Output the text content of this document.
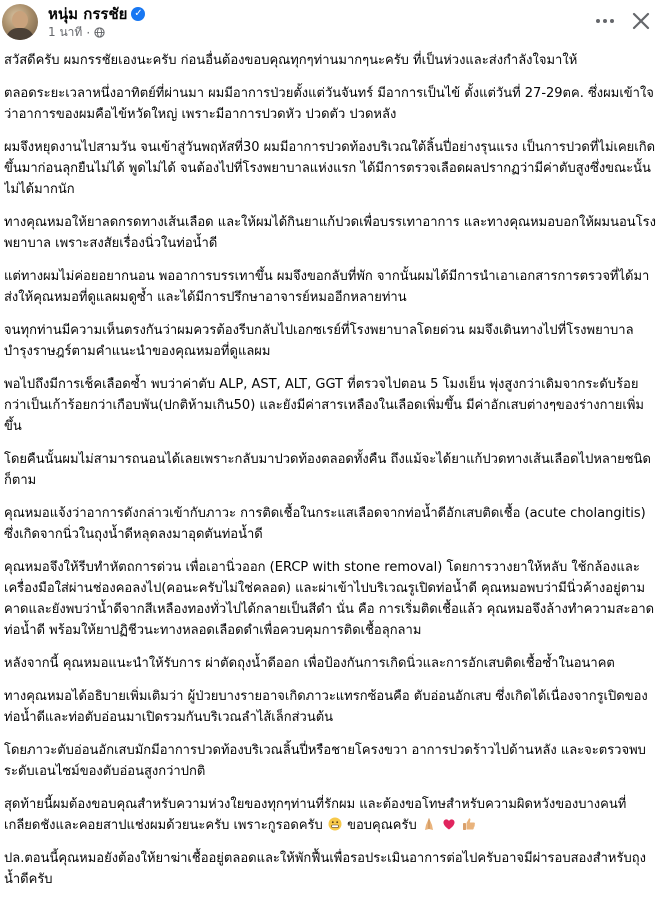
หนุ่ม กรรชัย ✓
1 นาที ·

สวัสดีครับ ผมกรรชัยเองนะครับ ก่อนอื่นต้องขอบคุณทุกๆท่านมากๆนะครับ ที่เป็นห่วงและส่งกำลังใจมาให้

ตลอดระยะเวลาหนึ่งอาทิตย์ที่ผ่านมา ผมมีอาการป่วยตั้งแต่วันจันทร์ มีอาการเป็นไข้ ตั้งแต่วันที่ 27-29ตค. ซึ่งผมเข้าใจว่าอาการของผมคือไข้หวัดใหญ่ เพราะมีอาการปวดหัว ปวดตัว ปวดหลัง

ผมจึงหยุดงานไปสามวัน จนเข้าสู่วันพฤหัสที่30 ผมมีอาการปวดท้องบริเวณใต้ลิ้นปี่อย่างรุนแรง เป็นการปวดที่ไม่เคยเกิดขึ้นมาก่อนลุกยืนไม่ได้ พูดไม่ได้ จนต้องไปที่โรงพยาบาลแห่งแรก ได้มีการตรวจเลือดผลปรากฏว่ามีค่าตับสูงซึ่งขณะนั้นไม่ได้มากนัก

ทางคุณหมอให้ยาลดกรดทางเส้นเลือด และให้ผมได้กินยาแก้ปวดเพื่อบรรเทาอาการ และทางคุณหมอบอกให้ผมนอนโรงพยาบาล เพราะสงสัยเรื่องนิ่วในท่อน้ำดี

แต่ทางผมไม่ค่อยอยากนอน พออาการบรรเทาขึ้น ผมจึงขอกลับที่พัก จากนั้นผมได้มีการนำเอาเอกสารการตรวจที่ได้มา ส่งให้คุณหมอที่ดูแลผมดูซ้ำ และได้มีการปรึกษาอาจารย์หมออีกหลายท่าน

จนทุกท่านมีความเห็นตรงกันว่าผมควรต้องรีบกลับไปเอกซเรย์ที่โรงพยาบาลโดยด่วน ผมจึงเดินทางไปที่โรงพยาบาลบำรุงราษฎร์ตามคำแนะนำของคุณหมอที่ดูแลผม

พอไปถึงมีการเช็คเลือดซ้ำ พบว่าค่าตับ ALP, AST, ALT, GGT ที่ตรวจไปตอน 5 โมงเย็น พุ่งสูงกว่าเดิมจากระดับร้อยกว่าเป็นเก้าร้อยกว่าเกือบพัน(ปกติห้ามเกิน50) และยังมีค่าสารเหลืองในเลือดเพิ่มขึ้น มีค่าอักเสบต่างๆของร่างกายเพิ่มขึ้น

โดยคืนนั้นผมไม่สามารถนอนได้เลยเพราะกลับมาปวดท้องตลอดทั้งคืน ถึงแม้จะได้ยาแก้ปวดทางเส้นเลือดไปหลายชนิดก็ตาม

คุณหมอแจ้งว่าอาการดังกล่าวเข้ากับภาวะ การติดเชื้อในกระแสเลือดจากท่อน้ำดีอักเสบติดเชื้อ (acute cholangitis) ซึ่งเกิดจากนิ่วในถุงน้ำดีหลุดลงมาอุดตันท่อน้ำดี

คุณหมอจึงให้รีบทำหัตถการด่วน เพื่อเอานิ่วออก (ERCP with stone removal) โดยการวางยาให้หลับ ใช้กล้องและเครื่องมือใส่ผ่านช่องคอลงไป(คอนะครับไม่ใช่คลอด) และผ่าเข้าไปบริเวณรูเปิดท่อน้ำดี คุณหมอพบว่ามีนิ่วค้างอยู่ตามคาดและยังพบว่าน้ำดีจากสีเหลืองทองทั่วไปได้กลายเป็นสีดำ นั่น คือ การเริ่มติดเชื้อแล้ว คุณหมอจึงล้างทำความสะอาดท่อน้ำดี พร้อมให้ยาปฏิชีวนะทางหลอดเลือดดำเพื่อควบคุมการติดเชื้อลุกลาม

หลังจากนี้ คุณหมอแนะนำให้รับการ ผ่าตัดถุงน้ำดีออก เพื่อป้องกันการเกิดนิ่วและการอักเสบติดเชื้อซ้ำในอนาคต

ทางคุณหมอได้อธิบายเพิ่มเติมว่า ผู้ป่วยบางรายอาจเกิดภาวะแทรกซ้อนคือ ตับอ่อนอักเสบ ซึ่งเกิดได้เนื่องจากรูเปิดของท่อน้ำดีและท่อตับอ่อนมาเปิดรวมกันบริเวณลำไส้เล็กส่วนต้น

โดยภาวะตับอ่อนอักเสบมักมีอาการปวดท้องบริเวณลิ้นปี่หรือชายโครงขวา อาการปวดร้าวไปด้านหลัง และจะตรวจพบระดับเอนไซม์ของตับอ่อนสูงกว่าปกติ

สุดท้ายนี้ผมต้องขอบคุณสำหรับความห่วงใยของทุกๆท่านที่รักผม และต้องขอโทษสำหรับความผิดหวังของบางคนที่เกลียดชังและคอยสาปแช่งผมด้วยนะครับ เพราะกูรอดครับ  ขอบคุณครับ

ปล.ตอนนี้คุณหมอยังต้องให้ยาฆ่าเชื้ออยู่ตลอดและให้พักฟื้นเพื่อรอประเมินอาการต่อไปครับอาจมีผ่ารอบสองสำหรับถุงน้ำดีครับ
